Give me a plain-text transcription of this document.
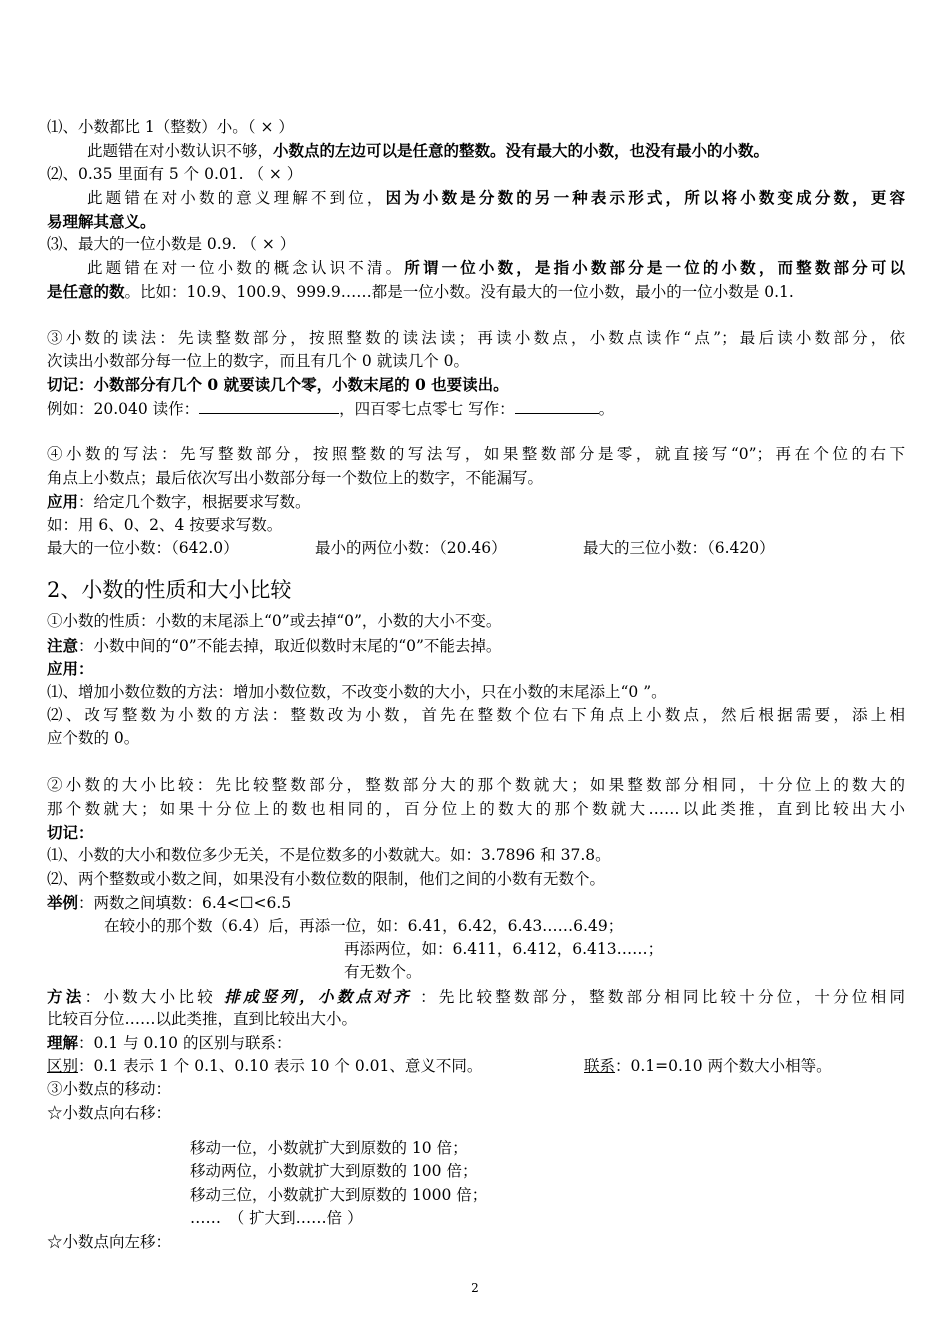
⑴、小数都比 1（整数）小。（ × ）
此题错在对小数认识不够，小数点的左边可以是任意的整数。没有最大的小数，也没有最小的小数。
⑵、0.35 里面有 5 个 0.01. （ × ）
此题错在对小数的意义理解不到位，因为小数是分数的另一种表示形式，所以将小数变成分数，更容
易理解其意义。
⑶、最大的一位小数是 0.9. （ × ）
此题错在对一位小数的概念认识不清。所谓一位小数，是指小数部分是一位的小数，而整数部分可以
是任意的数。比如：10.9、100.9、999.9……都是一位小数。没有最大的一位小数，最小的一位小数是 0.1.
③小数的读法：先读整数部分，按照整数的读法读；再读小数点，小数点读作“点”；最后读小数部分，依
次读出小数部分每一位上的数字，而且有几个 0 就读几个 0。
切记：小数部分有几个 0 就要读几个零，小数末尾的 0 也要读出。
例如：20.040 读作：	，四百零七点零七 写作：	。
④小数的写法：先写整数部分，按照整数的写法写，如果整数部分是零，就直接写“0”；再在个位的右下
角点上小数点；最后依次写出小数部分每一个数位上的数字，不能漏写。
应用：给定几个数字，根据要求写数。
如：用 6、0、2、4 按要求写数。
最大的一位小数：（642.0）	最小的两位小数：（20.46）	最大的三位小数：（6.420）
2、小数的性质和大小比较
①小数的性质：小数的末尾添上“0”或去掉“0”，小数的大小不变。
注意：小数中间的“0”不能去掉，取近似数时末尾的“0”不能去掉。
应用：
⑴、增加小数位数的方法：增加小数位数，不改变小数的大小，只在小数的末尾添上“0 ”。
⑵、改写整数为小数的方法：整数改为小数，首先在整数个位右下角点上小数点，然后根据需要，添上相
应个数的 0。
②小数的大小比较：先比较整数部分，整数部分大的那个数就大；如果整数部分相同，十分位上的数大的
那个数就大；如果十分位上的数也相同的，百分位上的数大的那个数就大……以此类推，直到比较出大小
切记：
⑴、小数的大小和数位多少无关，不是位数多的小数就大。如：3.7896 和 37.8。
⑵、两个整数或小数之间，如果没有小数位数的限制，他们之间的小数有无数个。
举例：两数之间填数：6.4<☐<6.5
在较小的那个数（6.4）后，再添一位，如：6.41，6.42，6.43……6.49；
再添两位，如：6.411，6.412，6.413……；
有无数个。
方法：小数大小比较 排成竖列，小数点对齐 ：先比较整数部分，整数部分相同比较十分位，十分位相同
比较百分位……以此类推，直到比较出大小。
理解：0.1 与 0.10 的区别与联系：
区别：0.1 表示 1 个 0.1、0.10 表示 10 个 0.01、意义不同。	联系：0.1=0.10 两个数大小相等。
③小数点的移动：
☆小数点向右移：
移动一位，小数就扩大到原数的 10 倍；
移动两位，小数就扩大到原数的 100 倍；
移动三位，小数就扩大到原数的 1000 倍；
……　（ 扩大到……倍 ）
☆小数点向左移：
2
